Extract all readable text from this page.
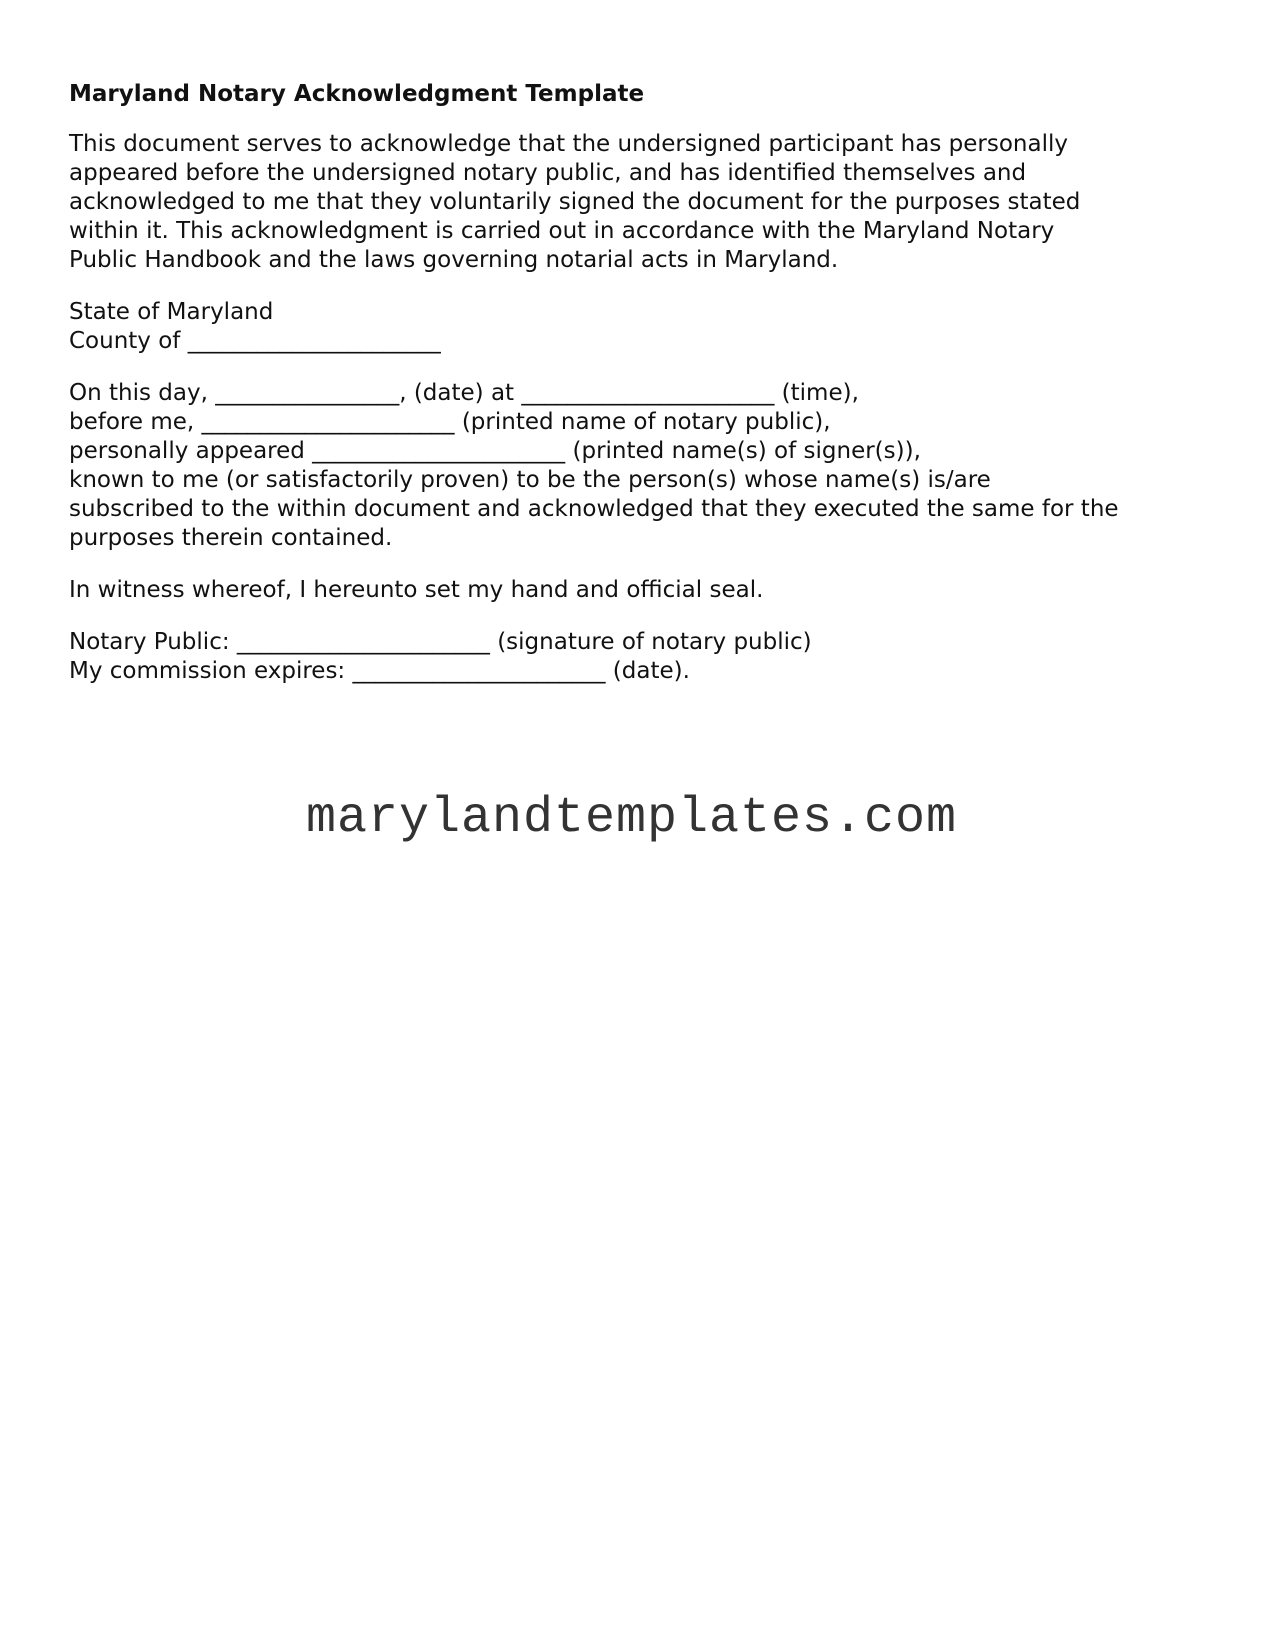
Maryland Notary Acknowledgment Template
This document serves to acknowledge that the undersigned participant has personally appeared before the undersigned notary public, and has identified themselves and acknowledged to me that they voluntarily signed the document for the purposes stated within it. This acknowledgment is carried out in accordance with the Maryland Notary Public Handbook and the laws governing notarial acts in Maryland.
State of Maryland
County of ______________________
On this day, ________________, (date) at ______________________ (time),
before me, ______________________ (printed name of notary public),
personally appeared ______________________ (printed name(s) of signer(s)),
known to me (or satisfactorily proven) to be the person(s) whose name(s) is/are
subscribed to the within document and acknowledged that they executed the same for the
purposes therein contained.
In witness whereof, I hereunto set my hand and official seal.
Notary Public: ______________________ (signature of notary public)
My commission expires: ______________________ (date).
marylandtemplates.com
